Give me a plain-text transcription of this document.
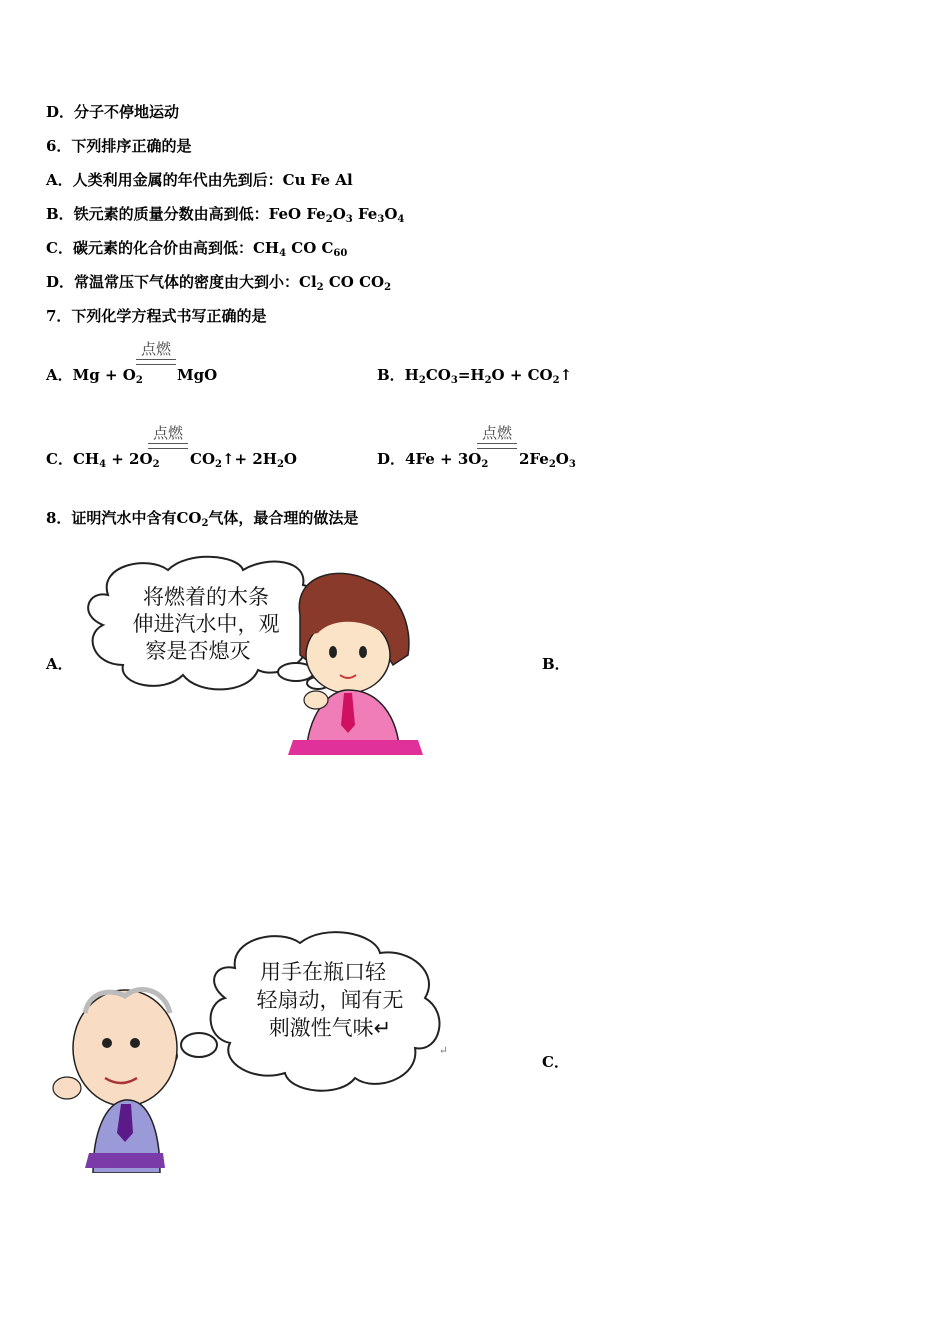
D．分子不停地运动
6．下列排序正确的是
A．人类利用金属的年代由先到后：Cu Fe Al
B．铁元素的质量分数由高到低：FeO $Fe_2O_3$ $Fe_3O_4$
C．碳元素的化合价由高到低：$CH_4$ CO $C_{60}$
D．常温常压下气体的密度由大到小：$Cl_2$ CO $CO_2$
7．下列化学方程式书写正确的是
A．$Mg + O_2$
点燃
MgO	B．$H_2CO_3=H_2O$ + $CO_2↑$
C．$CH_4 + 2O_2$
点燃
$CO_2↑+ 2H_2O$	D．$4Fe + 3O_2$
点燃
$2Fe_2O_3$
8．证明汽水中含有$CO_2$气体，最合理的做法是
A．	B．
C．
将燃着的木条
伸进汽水中，观
察是否熄灭
用手在瓶口轻
轻扇动，闻有无
刺激性气味↵
↵
